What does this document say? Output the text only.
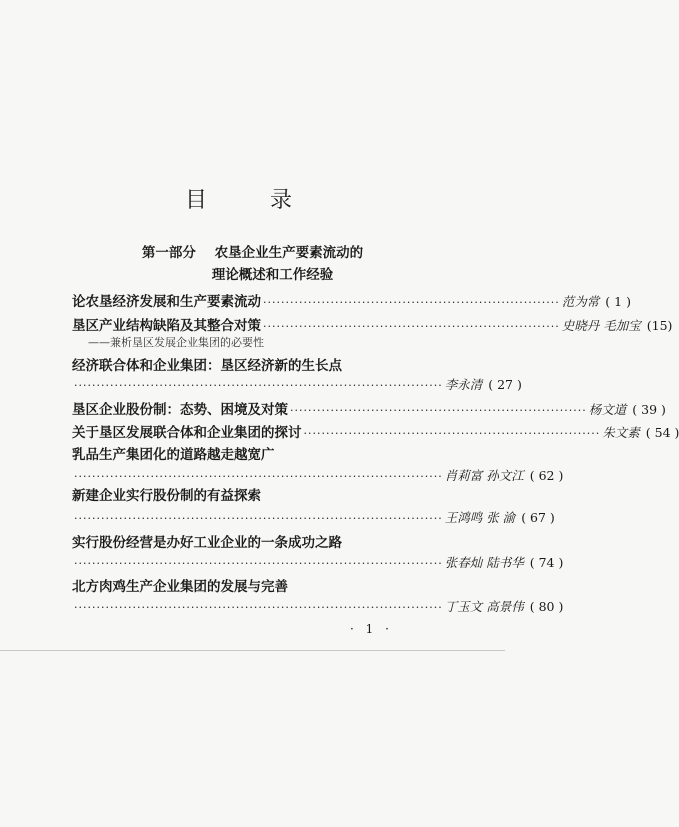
目 录
第一部分 农垦企业生产要素流动的
理论概述和工作经验
论农垦经济发展和生产要素流动 ·································································· 范为常 ( 1 )
垦区产业结构缺陷及其整合对策 ·································································· 史晓丹 毛加宝 (15)
——兼析垦区发展企业集团的必要性
经济联合体和企业集团：垦区经济新的生长点
·················································································· 李永清 ( 27 )
垦区企业股份制：态势、困境及对策 ·································································· 杨文道 ( 39 )
关于垦区发展联合体和企业集团的探讨 ·································································· 朱文素 ( 54 )
乳品生产集团化的道路越走越宽广
·················································································· 肖莉富 孙文江 ( 62 )
新建企业实行股份制的有益探索
·················································································· 王鸿鸣 张 渝 ( 67 )
实行股份经营是办好工业企业的一条成功之路
·················································································· 张春灿 陆书华 ( 74 )
北方肉鸡生产企业集团的发展与完善
·················································································· 丁玉文 高景伟 ( 80 )
· 1 ·
